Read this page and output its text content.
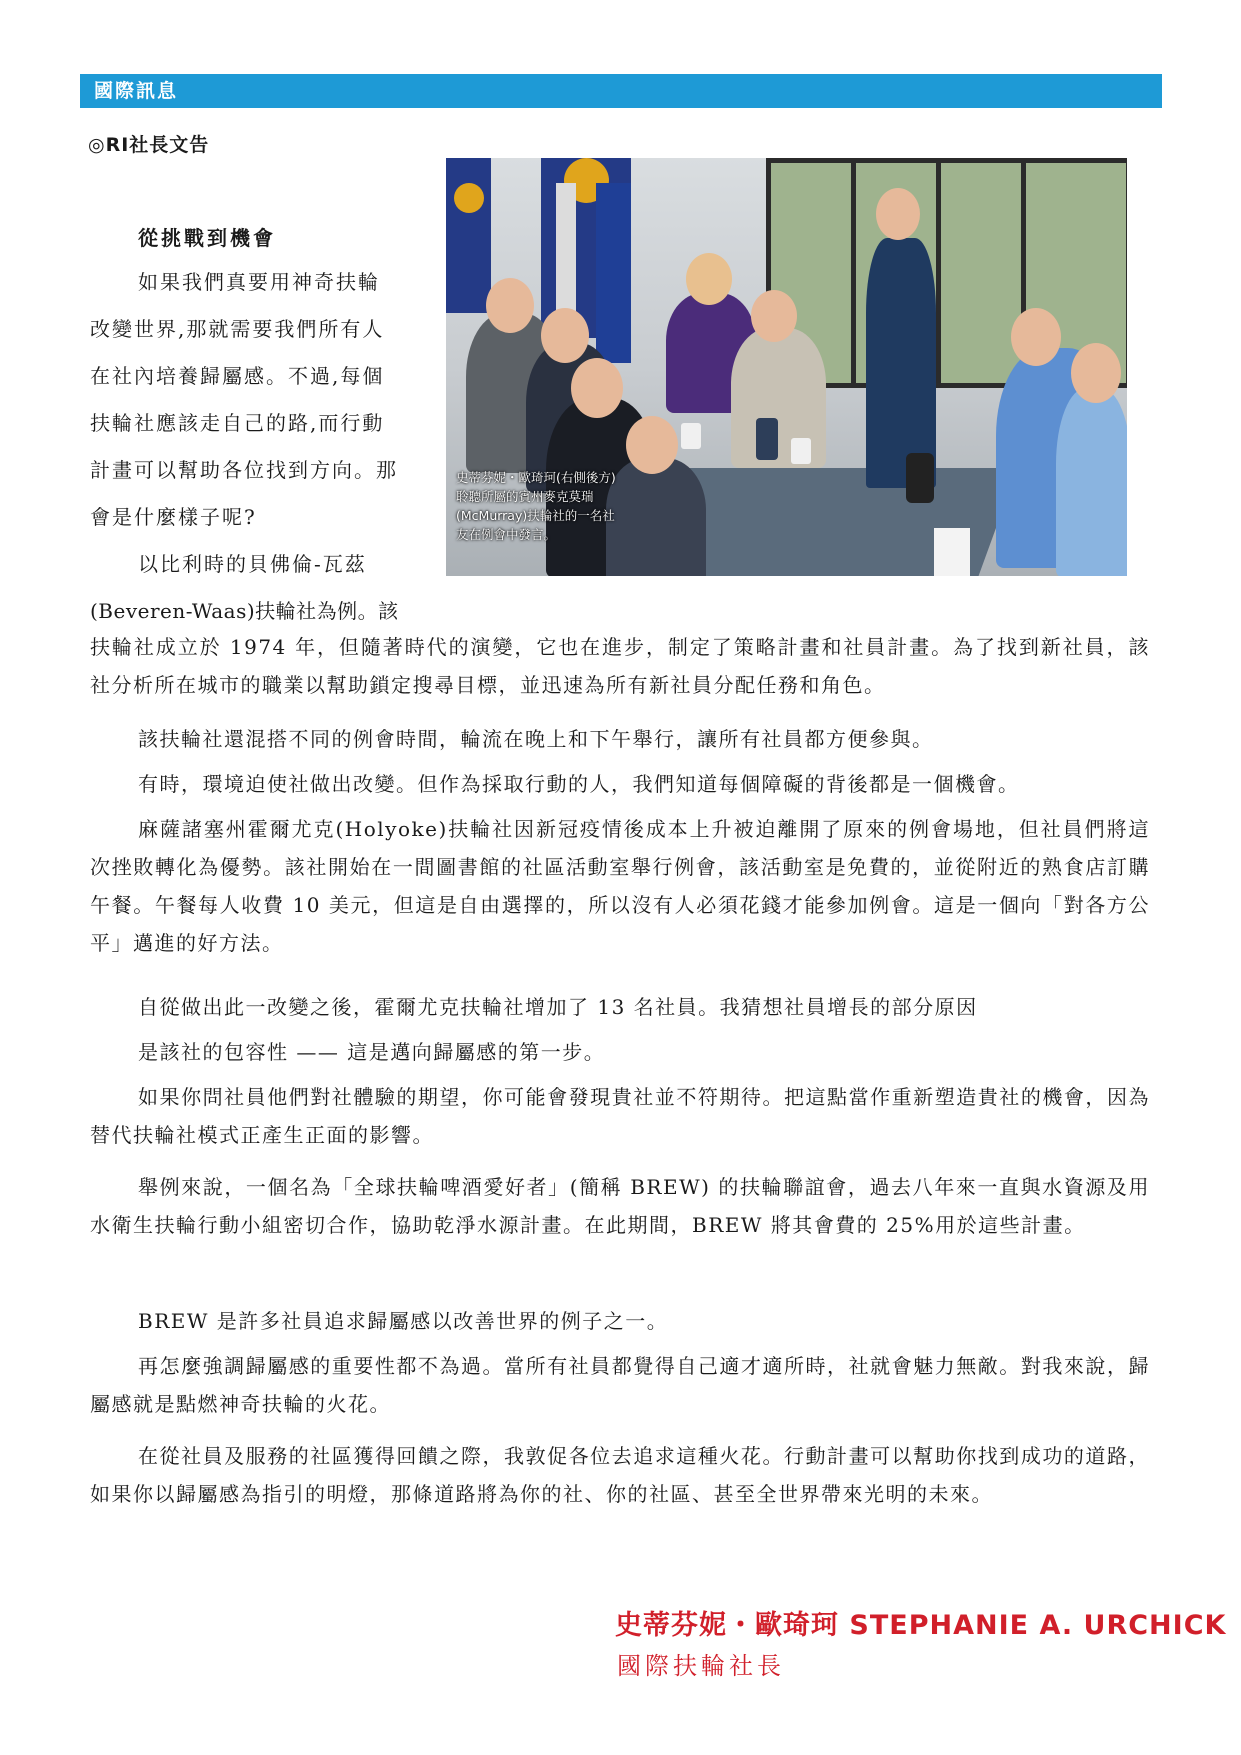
國際訊息
◎RI社長文告
史蒂芬妮・歐琦珂(右側後方)聆聽所屬的賓州麥克莫瑞(McMurray)扶輪社的一名社友在例會中發言。
從挑戰到機會
如果我們真要用神奇扶輪
改變世界,那就需要我們所有人
在社內培養歸屬感。不過,每個
扶輪社應該走自己的路,而行動
計畫可以幫助各位找到方向。那
會是什麼樣子呢?
以比利時的貝佛倫-瓦茲
(Beveren-Waas)扶輪社為例。該
扶輪社成立於 1974 年，但隨著時代的演變，它也在進步，制定了策略計畫和社員計畫。為了找到新社員，該社分析所在城市的職業以幫助鎖定搜尋目標，並迅速為所有新社員分配任務和角色。
該扶輪社還混搭不同的例會時間，輪流在晚上和下午舉行，讓所有社員都方便參與。
有時，環境迫使社做出改變。但作為採取行動的人，我們知道每個障礙的背後都是一個機會。
麻薩諸塞州霍爾尤克(Holyoke)扶輪社因新冠疫情後成本上升被迫離開了原來的例會場地，但社員們將這次挫敗轉化為優勢。該社開始在一間圖書館的社區活動室舉行例會，該活動室是免費的，並從附近的熟食店訂購午餐。午餐每人收費 10 美元，但這是自由選擇的，所以沒有人必須花錢才能參加例會。這是一個向「對各方公平」邁進的好方法。
自從做出此一改變之後，霍爾尤克扶輪社增加了 13 名社員。我猜想社員增長的部分原因
是該社的包容性 —— 這是邁向歸屬感的第一步。
如果你問社員他們對社體驗的期望，你可能會發現貴社並不符期待。把這點當作重新塑造貴社的機會，因為替代扶輪社模式正產生正面的影響。
舉例來說，一個名為「全球扶輪啤酒愛好者」(簡稱 BREW) 的扶輪聯誼會，過去八年來一直與水資源及用水衛生扶輪行動小組密切合作，協助乾淨水源計畫。在此期間，BREW 將其會費的 25%用於這些計畫。
BREW 是許多社員追求歸屬感以改善世界的例子之一。
再怎麼強調歸屬感的重要性都不為過。當所有社員都覺得自己適才適所時，社就會魅力無敵。對我來說，歸屬感就是點燃神奇扶輪的火花。
在從社員及服務的社區獲得回饋之際，我敦促各位去追求這種火花。行動計畫可以幫助你找到成功的道路，如果你以歸屬感為指引的明燈，那條道路將為你的社、你的社區、甚至全世界帶來光明的未來。
史蒂芬妮・歐琦珂 STEPHANIE A. URCHICK
國際扶輪社長
